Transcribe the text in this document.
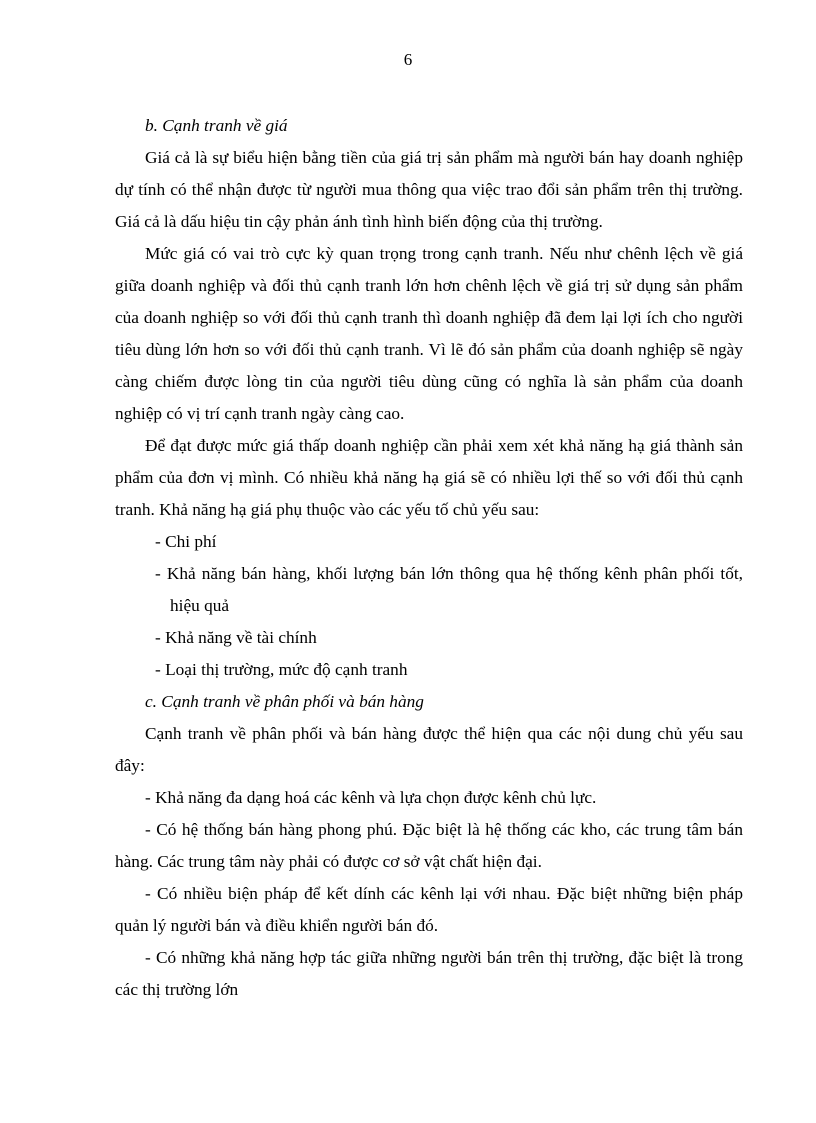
6

b. Cạnh tranh về giá

Giá cả là sự biểu hiện bằng tiền của giá trị sản phẩm mà người bán hay doanh nghiệp dự tính có thể nhận được từ người mua thông qua việc trao đổi sản phẩm trên thị trường. Giá cả là dấu hiệu tin cậy phản ánh tình hình biến động của thị trường.

Mức giá có vai trò cực kỳ quan trọng trong cạnh tranh. Nếu như chênh lệch về giá giữa doanh nghiệp và đối thủ cạnh tranh lớn hơn chênh lệch về giá trị sử dụng sản phẩm của doanh nghiệp so với đối thủ cạnh tranh thì doanh nghiệp đã đem lại lợi ích cho người tiêu dùng lớn hơn so với đối thủ cạnh tranh. Vì lẽ đó sản phẩm của doanh nghiệp sẽ ngày càng chiếm được lòng tin của người tiêu dùng cũng có nghĩa là sản phẩm của doanh nghiệp có vị trí cạnh tranh ngày càng cao.

Để đạt được mức giá thấp doanh nghiệp cần phải xem xét khả năng hạ giá thành sản phẩm của đơn vị mình. Có nhiều khả năng hạ giá sẽ có nhiều lợi thế so với đối thủ cạnh tranh. Khả năng hạ giá phụ thuộc vào các yếu tố chủ yếu sau:

- Chi phí

- Khả năng bán hàng, khối lượng bán lớn thông qua hệ thống kênh phân phối tốt, hiệu quả

- Khả năng về tài chính

- Loại thị trường, mức độ cạnh tranh

c. Cạnh tranh về phân phối và bán hàng

Cạnh tranh về phân phối và bán hàng được thể hiện qua các nội dung chủ yếu sau đây:

- Khả năng đa dạng hoá các kênh và lựa chọn được kênh chủ lực.

- Có hệ thống bán hàng phong phú. Đặc biệt là hệ thống các kho, các trung tâm bán hàng. Các trung tâm này phải có được cơ sở vật chất hiện đại.

- Có nhiều biện pháp để kết dính các kênh lại với nhau. Đặc biệt những biện pháp quản lý người bán và điều khiển người bán đó.

- Có những khả năng hợp tác giữa những người bán trên thị trường, đặc biệt là trong các thị trường lớn
